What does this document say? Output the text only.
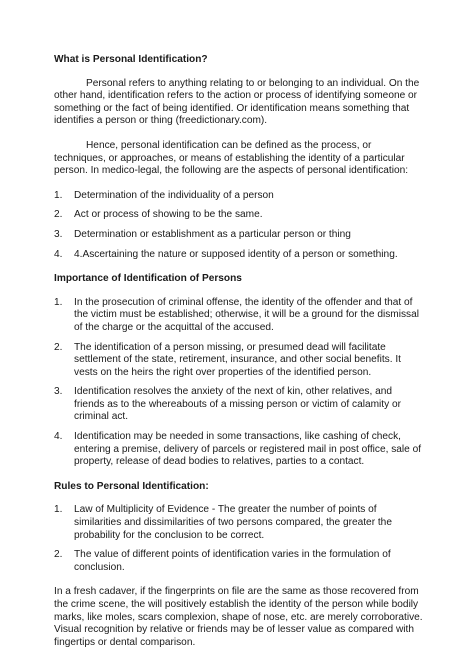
What is Personal Identification?

Personal refers to anything relating to or belonging to an individual. On the other hand, identification refers to the action or process of identifying someone or something or the fact of being identified. Or identification means something that identifies a person or thing (freedictionary.com).

Hence, personal identification can be defined as the process, or techniques, or approaches, or means of establishing the identity of a particular person. In medico-legal, the following are the aspects of personal identification:

1.	Determination of the individuality of a person
2.	Act or process of showing to be the same.
3.	Determination or establishment as a particular person or thing
4.	4.Ascertaining the nature or supposed identity of a person or something.
Importance of Identification of Persons
1.	In the prosecution of criminal offense, the identity of the offender and that of the victim must be established; otherwise, it will be a ground for the dismissal of the charge or the acquittal of the accused.
2.	The identification of a person missing, or presumed dead will facilitate settlement of the state, retirement, insurance, and other social benefits. It vests on the heirs the right over properties of the identified person.
3.	Identification resolves the anxiety of the next of kin, other relatives, and friends as to the whereabouts of a missing person or victim of calamity or criminal act.
4.	Identification may be needed in some transactions, like cashing of check, entering a premise, delivery of parcels or registered mail in post office, sale of property, release of dead bodies to relatives, parties to a contact.
Rules to Personal Identification:
1.	Law of Multiplicity of Evidence - The greater the number of points of similarities and dissimilarities of two persons compared, the greater the probability for the conclusion to be correct.
2.	The value of different points of identification varies in the formulation of conclusion.

In a fresh cadaver, if the fingerprints on file are the same as those recovered from the crime scene, the will positively establish the identity of the person while bodily marks, like moles, scars complexion, shape of nose, etc. are merely corroborative. Visual recognition by relative or friends may be of lesser value as compared with fingertips or dental comparison.
